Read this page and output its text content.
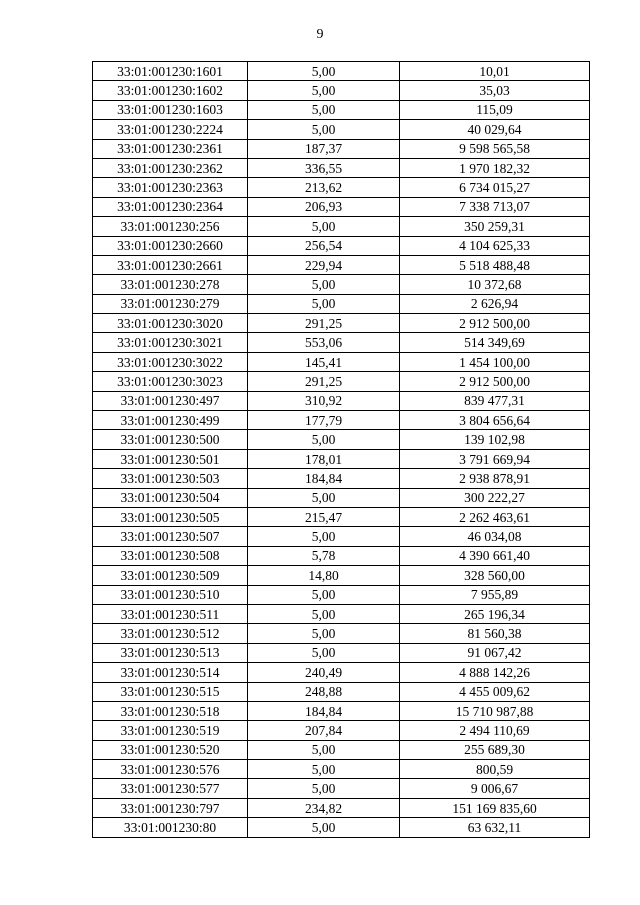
9
33:01:001230:1601	5,00	10,01
33:01:001230:1602	5,00	35,03
33:01:001230:1603	5,00	115,09
33:01:001230:2224	5,00	40 029,64
33:01:001230:2361	187,37	9 598 565,58
33:01:001230:2362	336,55	1 970 182,32
33:01:001230:2363	213,62	6 734 015,27
33:01:001230:2364	206,93	7 338 713,07
33:01:001230:256	5,00	350 259,31
33:01:001230:2660	256,54	4 104 625,33
33:01:001230:2661	229,94	5 518 488,48
33:01:001230:278	5,00	10 372,68
33:01:001230:279	5,00	2 626,94
33:01:001230:3020	291,25	2 912 500,00
33:01:001230:3021	553,06	514 349,69
33:01:001230:3022	145,41	1 454 100,00
33:01:001230:3023	291,25	2 912 500,00
33:01:001230:497	310,92	839 477,31
33:01:001230:499	177,79	3 804 656,64
33:01:001230:500	5,00	139 102,98
33:01:001230:501	178,01	3 791 669,94
33:01:001230:503	184,84	2 938 878,91
33:01:001230:504	5,00	300 222,27
33:01:001230:505	215,47	2 262 463,61
33:01:001230:507	5,00	46 034,08
33:01:001230:508	5,78	4 390 661,40
33:01:001230:509	14,80	328 560,00
33:01:001230:510	5,00	7 955,89
33:01:001230:511	5,00	265 196,34
33:01:001230:512	5,00	81 560,38
33:01:001230:513	5,00	91 067,42
33:01:001230:514	240,49	4 888 142,26
33:01:001230:515	248,88	4 455 009,62
33:01:001230:518	184,84	15 710 987,88
33:01:001230:519	207,84	2 494 110,69
33:01:001230:520	5,00	255 689,30
33:01:001230:576	5,00	800,59
33:01:001230:577	5,00	9 006,67
33:01:001230:797	234,82	151 169 835,60
33:01:001230:80	5,00	63 632,11
